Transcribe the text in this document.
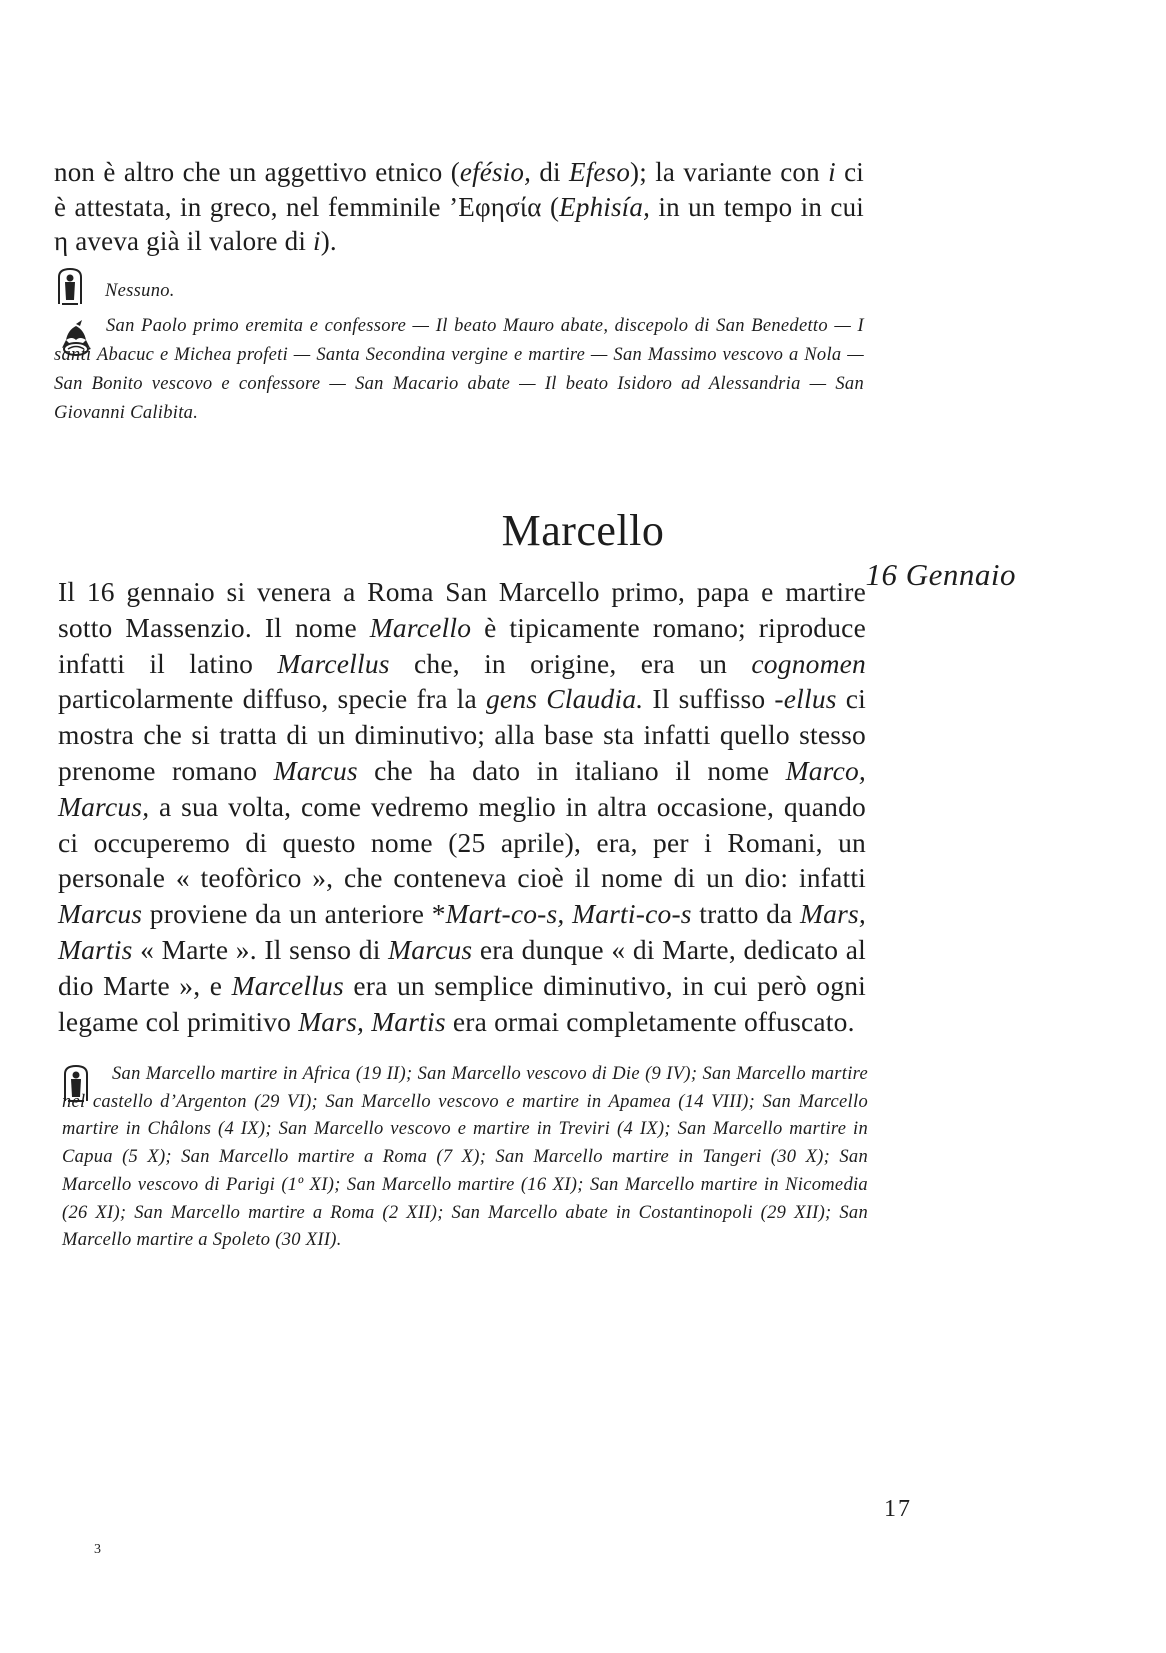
non è altro che un aggettivo etnico (efésio, di Efeso); la variante con i ci è attestata, in greco, nel femminile ’Εφησία (Ephisía, in un tempo in cui η aveva già il valore di i).

Nessuno.

San Paolo primo eremita e confessore — Il beato Mauro abate, discepolo di San Benedetto — I santi Abacuc e Michea profeti — Santa Secondina vergine e martire — San Massimo vescovo a Nola — San Bonito vescovo e confessore — San Macario abate — Il beato Isidoro ad Alessandria — San Giovanni Calibita.

Marcello
16 Gennaio

Il 16 gennaio si venera a Roma San Marcello primo, papa e martire sotto Massenzio. Il nome Marcello è tipicamente romano; riproduce infatti il latino Marcellus che, in origine, era un cognomen particolarmente diffuso, specie fra la gens Claudia. Il suffisso -ellus ci mostra che si tratta di un diminutivo; alla base sta infatti quello stesso prenome romano Marcus che ha dato in italiano il nome Marco, Marcus, a sua volta, come vedremo meglio in altra occasione, quando ci occuperemo di questo nome (25 aprile), era, per i Romani, un personale « teofòrico », che conteneva cioè il nome di un dio: infatti Marcus proviene da un anteriore *Mart-co-s, Marti-co-s tratto da Mars, Martis « Marte ». Il senso di Marcus era dunque « di Marte, dedicato al dio Marte », e Marcellus era un semplice diminutivo, in cui però ogni legame col primitivo Mars, Martis era ormai completamente offuscato.

San Marcello martire in Africa (19 II); San Marcello vescovo di Die (9 IV); San Marcello martire nel castello d’Argenton (29 VI); San Marcello vescovo e martire in Apamea (14 VIII); San Marcello martire in Châlons (4 IX); San Marcello vescovo e martire in Treviri (4 IX); San Marcello martire in Capua (5 X); San Marcello martire a Roma (7 X); San Marcello martire in Tangeri (30 X); San Marcello vescovo di Parigi (1º XI); San Marcello martire (16 XI); San Marcello martire in Nicomedia (26 XI); San Marcello martire a Roma (2 XII); San Marcello abate in Costantinopoli (29 XII); San Marcello martire a Spoleto (30 XII).

17
3
